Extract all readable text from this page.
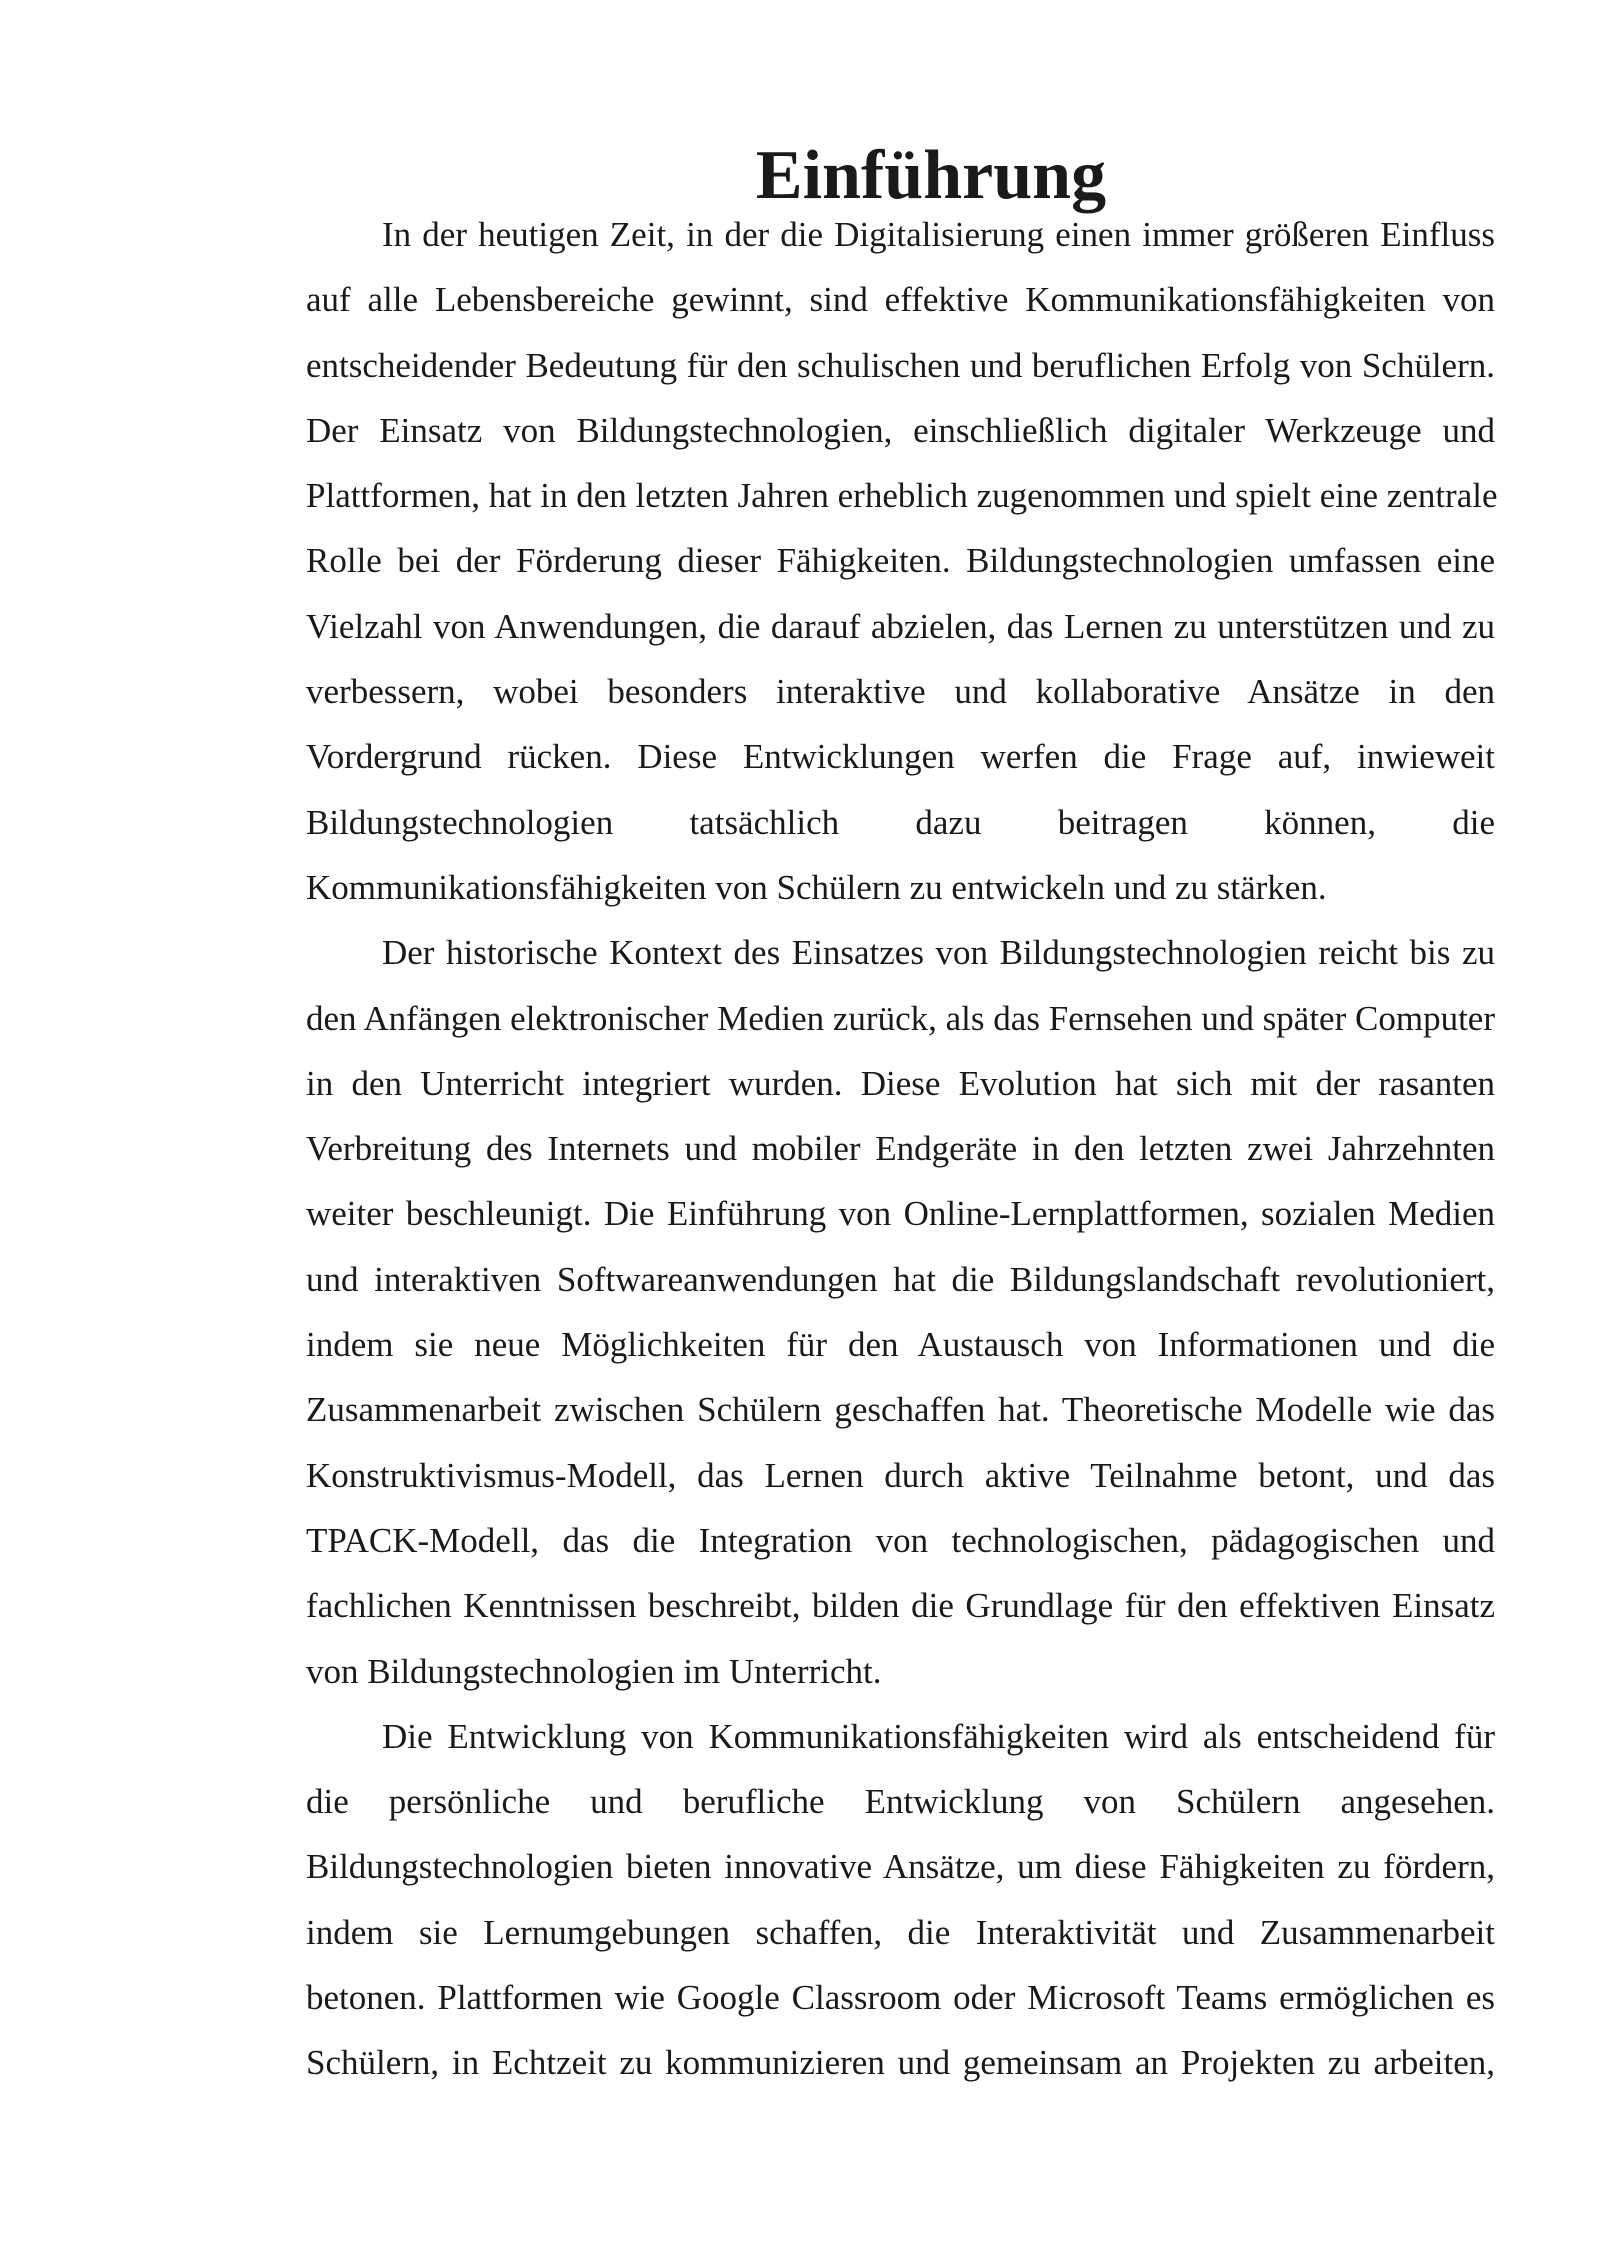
Einführung
In der heutigen Zeit, in der die Digitalisierung einen immer größeren Einfluss
auf alle Lebensbereiche gewinnt, sind effektive Kommunikationsfähigkeiten von
entscheidender Bedeutung für den schulischen und beruflichen Erfolg von Schülern.
Der Einsatz von Bildungstechnologien, einschließlich digitaler Werkzeuge und
Plattformen, hat in den letzten Jahren erheblich zugenommen und spielt eine zentrale
Rolle bei der Förderung dieser Fähigkeiten. Bildungstechnologien umfassen eine
Vielzahl von Anwendungen, die darauf abzielen, das Lernen zu unterstützen und zu
verbessern, wobei besonders interaktive und kollaborative Ansätze in den
Vordergrund rücken. Diese Entwicklungen werfen die Frage auf, inwieweit
Bildungstechnologien tatsächlich dazu beitragen können, die
Kommunikationsfähigkeiten von Schülern zu entwickeln und zu stärken.
Der historische Kontext des Einsatzes von Bildungstechnologien reicht bis zu
den Anfängen elektronischer Medien zurück, als das Fernsehen und später Computer
in den Unterricht integriert wurden. Diese Evolution hat sich mit der rasanten
Verbreitung des Internets und mobiler Endgeräte in den letzten zwei Jahrzehnten
weiter beschleunigt. Die Einführung von Online-Lernplattformen, sozialen Medien
und interaktiven Softwareanwendungen hat die Bildungslandschaft revolutioniert,
indem sie neue Möglichkeiten für den Austausch von Informationen und die
Zusammenarbeit zwischen Schülern geschaffen hat. Theoretische Modelle wie das
Konstruktivismus-Modell, das Lernen durch aktive Teilnahme betont, und das
TPACK-Modell, das die Integration von technologischen, pädagogischen und
fachlichen Kenntnissen beschreibt, bilden die Grundlage für den effektiven Einsatz
von Bildungstechnologien im Unterricht.
Die Entwicklung von Kommunikationsfähigkeiten wird als entscheidend für
die persönliche und berufliche Entwicklung von Schülern angesehen.
Bildungstechnologien bieten innovative Ansätze, um diese Fähigkeiten zu fördern,
indem sie Lernumgebungen schaffen, die Interaktivität und Zusammenarbeit
betonen. Plattformen wie Google Classroom oder Microsoft Teams ermöglichen es
Schülern, in Echtzeit zu kommunizieren und gemeinsam an Projekten zu arbeiten,
